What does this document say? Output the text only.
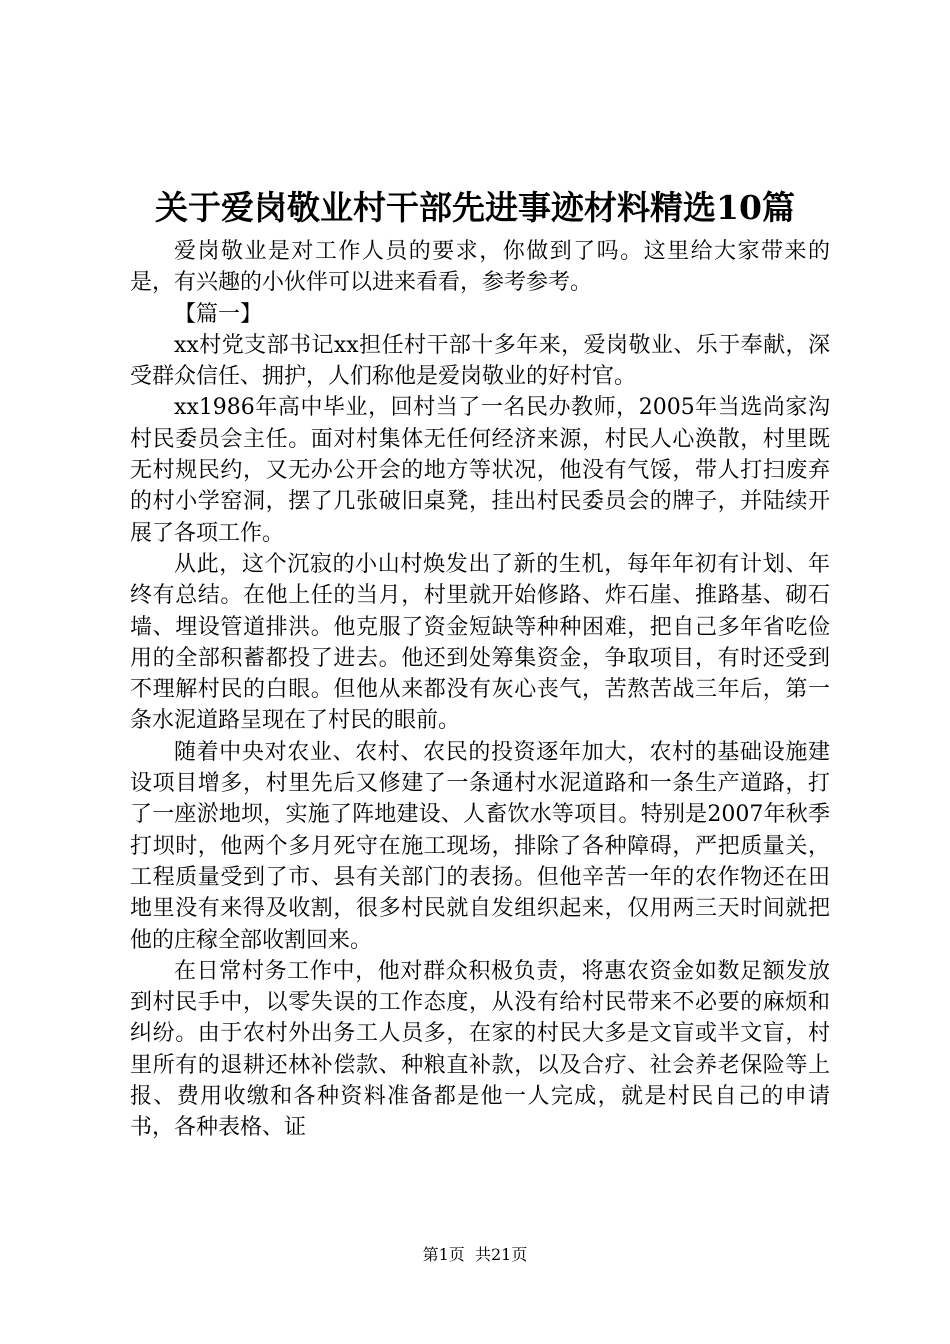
关于爱岗敬业村干部先进事迹材料精选10篇

爱岗敬业是对工作人员的要求，你做到了吗。这里给大家带来的是，有兴趣的小伙伴可以进来看看，参考参考。

【篇一】

xx村党支部书记xx担任村干部十多年来，爱岗敬业、乐于奉献，深受群众信任、拥护，人们称他是爱岗敬业的好村官。

xx1986年高中毕业，回村当了一名民办教师，2005年当选尚家沟村民委员会主任。面对村集体无任何经济来源，村民人心涣散，村里既无村规民约，又无办公开会的地方等状况，他没有气馁，带人打扫废弃的村小学窑洞，摆了几张破旧桌凳，挂出村民委员会的牌子，并陆续开展了各项工作。

从此，这个沉寂的小山村焕发出了新的生机，每年年初有计划、年终有总结。在他上任的当月，村里就开始修路、炸石崖、推路基、砌石墙、埋设管道排洪。他克服了资金短缺等种种困难，把自己多年省吃俭用的全部积蓄都投了进去。他还到处筹集资金，争取项目，有时还受到不理解村民的白眼。但他从来都没有灰心丧气，苦熬苦战三年后，第一条水泥道路呈现在了村民的眼前。

随着中央对农业、农村、农民的投资逐年加大，农村的基础设施建设项目增多，村里先后又修建了一条通村水泥道路和一条生产道路，打了一座淤地坝，实施了阵地建设、人畜饮水等项目。特别是2007年秋季打坝时，他两个多月死守在施工现场，排除了各种障碍，严把质量关，工程质量受到了市、县有关部门的表扬。但他辛苦一年的农作物还在田地里没有来得及收割，很多村民就自发组织起来，仅用两三天时间就把他的庄稼全部收割回来。

在日常村务工作中，他对群众积极负责，将惠农资金如数足额发放到村民手中，以零失误的工作态度，从没有给村民带来不必要的麻烦和纠纷。由于农村外出务工人员多，在家的村民大多是文盲或半文盲，村里所有的退耕还林补偿款、种粮直补款，以及合疗、社会养老保险等上报、费用收缴和各种资料准备都是他一人完成，就是村民自己的申请书，各种表格、证

第1页 共21页
